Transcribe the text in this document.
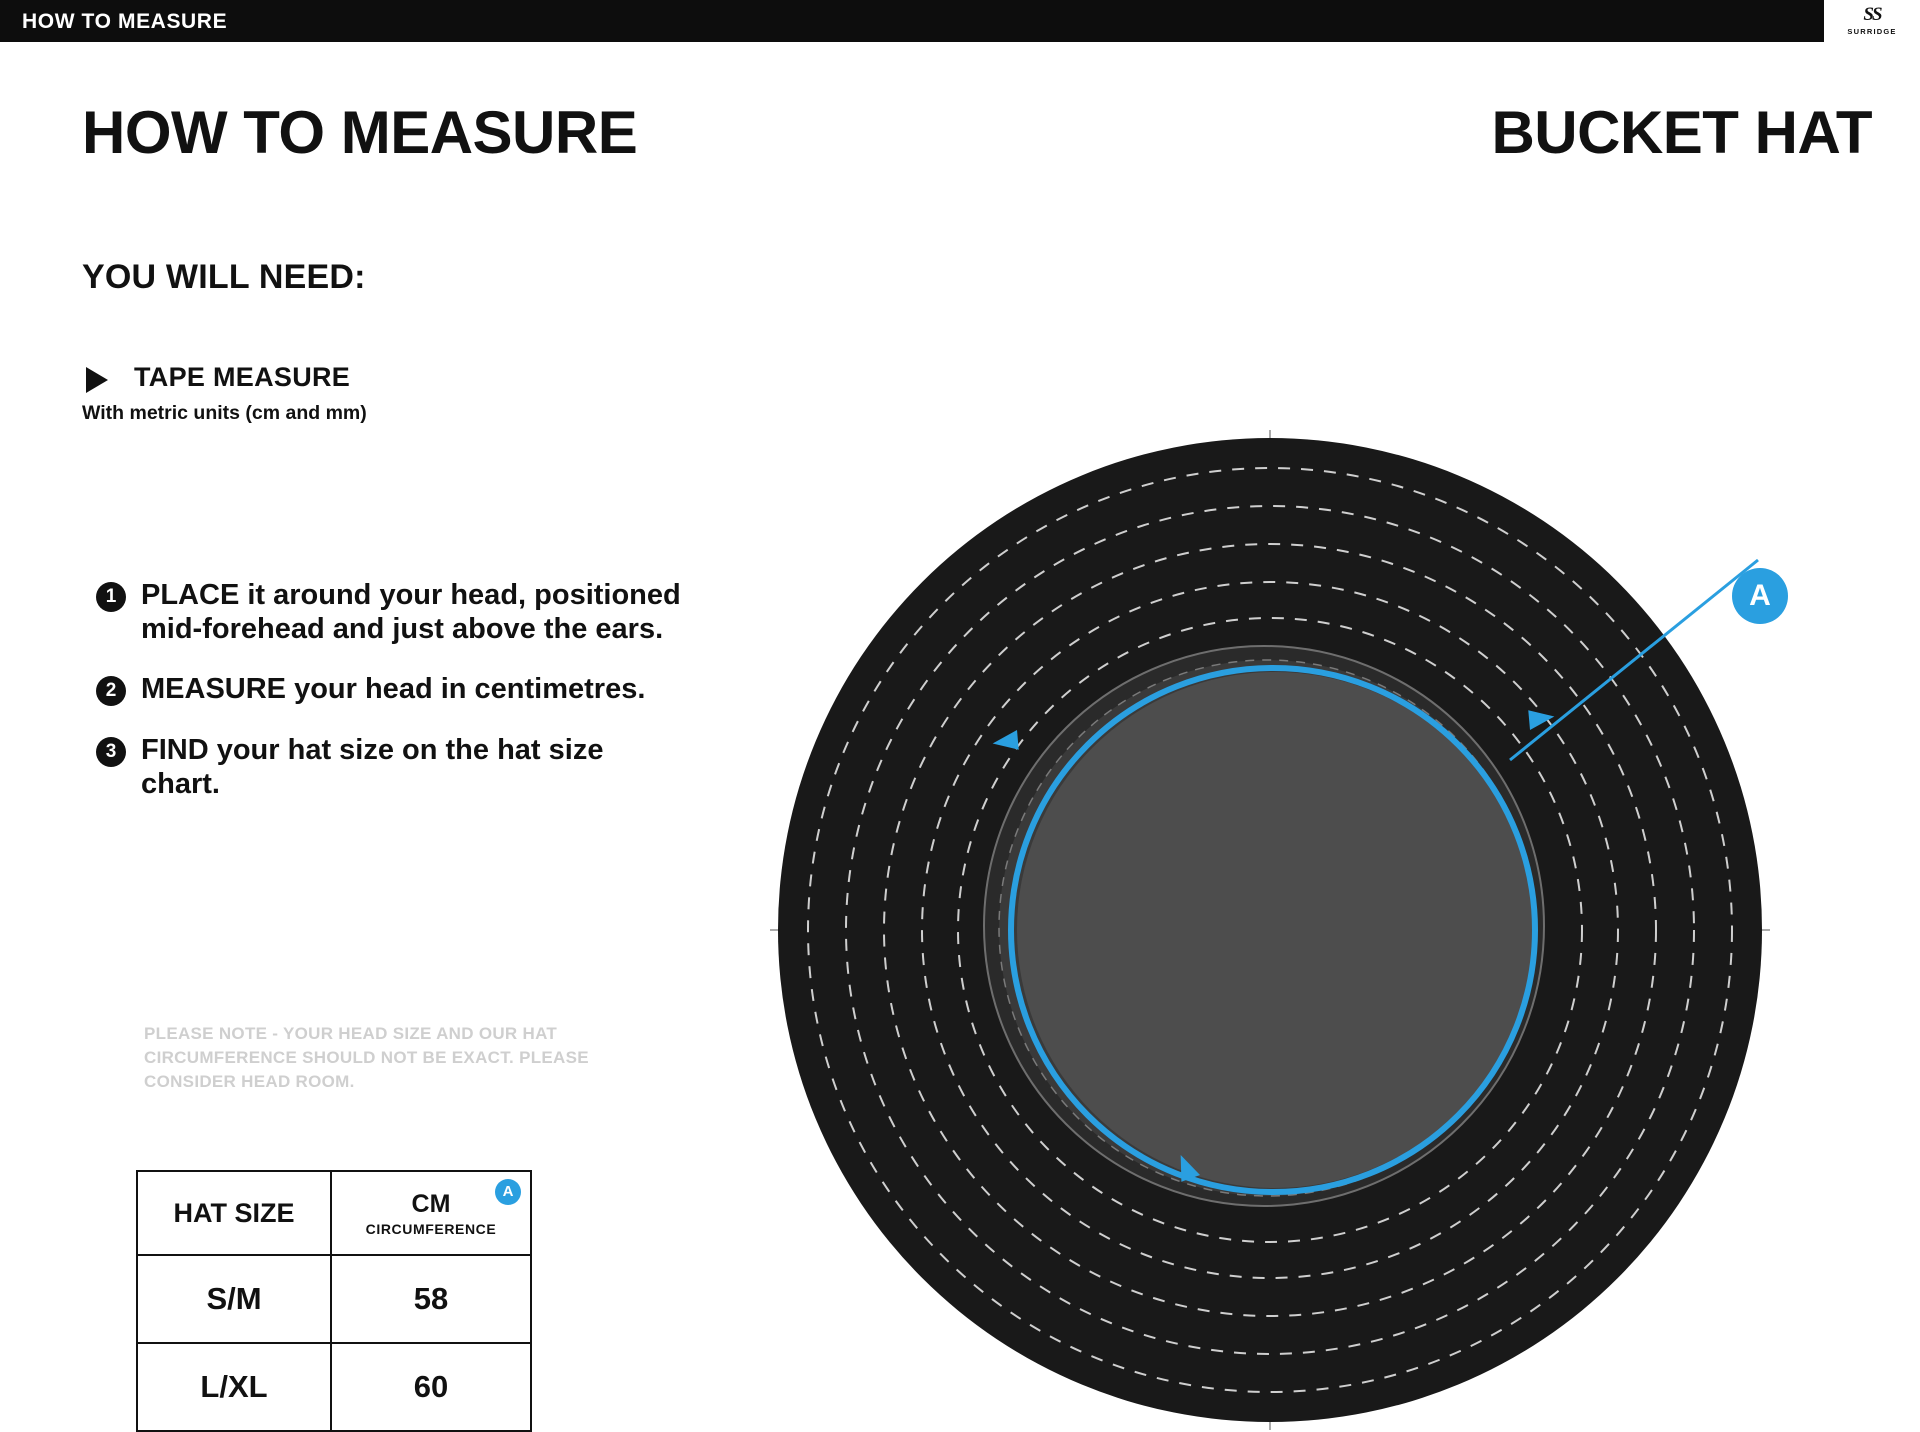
HOW TO MEASURE	SS
SURRIDGE
HOW TO MEASURE	BUCKET HAT
YOU WILL NEED:
TAPE MEASURE
With metric units (cm and mm)
1 PLACE it around your head, positioned mid-forehead and just above the ears.
2 MEASURE your head in centimetres.
3 FIND your hat size on the hat size chart.
PLEASE NOTE - YOUR HEAD SIZE AND OUR HAT CIRCUMFERENCE SHOULD NOT BE EXACT. PLEASE CONSIDER HEAD ROOM.
HAT SIZE	CM
CIRCUMFERENCE
A

S/M	58
L/XL	60
A
